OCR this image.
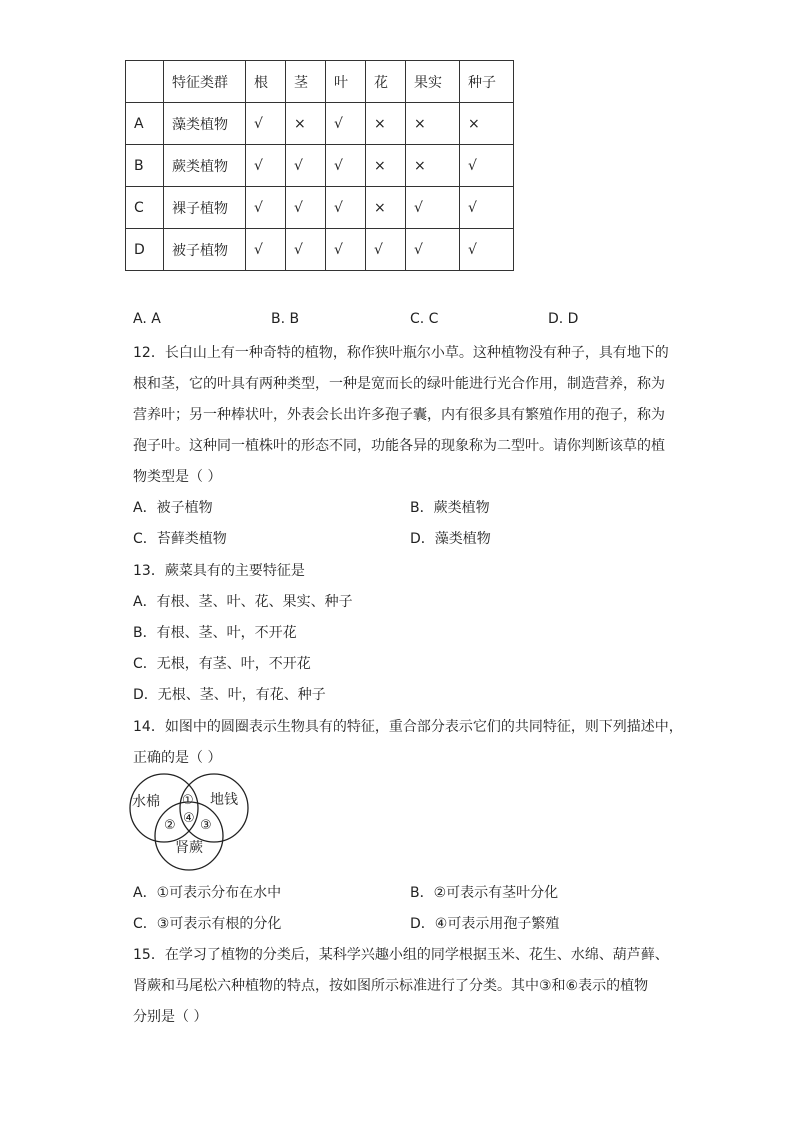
	特征类群	根	茎	叶	花	果实	种子
A	藻类植物	√	×	√	×	×	×
B	蕨类植物	√	√	√	×	×	√
C	裸子植物	√	√	√	×	√	√
D	被子植物	√	√	√	√	√	√
A. A	B. B	C. C	D. D
12．长白山上有一种奇特的植物，称作狭叶瓶尔小草。这种植物没有种子，具有地下的
根和茎，它的叶具有两种类型，一种是宽而长的绿叶能进行光合作用，制造营养，称为
营养叶；另一种棒状叶，外表会长出许多孢子囊，内有很多具有繁殖作用的孢子，称为
孢子叶。这种同一植株叶的形态不同，功能各异的现象称为二型叶。请你判断该草的植
物类型是（ ）
A．被子植物	B．蕨类植物
C．苔藓类植物	D．藻类植物
13．蕨菜具有的主要特征是
A．有根、茎、叶、花、果实、种子
B．有根、茎、叶，不开花
C．无根，有茎、叶，不开花
D．无根、茎、叶，有花、种子
14．如图中的圆圈表示生物具有的特征，重合部分表示它们的共同特征，则下列描述中，
正确的是（ ）
水棉	地钱
肾蕨
①
② ③
④
A．①可表示分布在水中	B．②可表示有茎叶分化
C．③可表示有根的分化	D．④可表示用孢子繁殖
15．在学习了植物的分类后，某科学兴趣小组的同学根据玉米、花生、水绵、葫芦藓、
肾蕨和马尾松六种植物的特点，按如图所示标准进行了分类。其中③和⑥表示的植物
分别是（ ）
